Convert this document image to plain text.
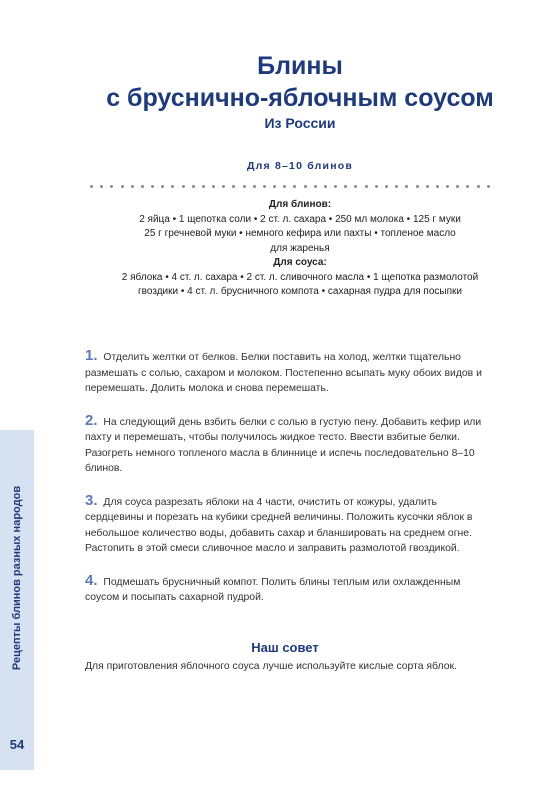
Блины
с бруснично-яблочным соусом
Из России
Для 8–10 блинов
Для блинов:
2 яйца • 1 щепотка соли • 2 ст. л. сахара • 250 мл молока • 125 г муки
25 г гречневой муки • немного кефира или пахты • топленое масло
для жаренья
Для соуса:
2 яблока • 4 ст. л. сахара • 2 ст. л. сливочного масла • 1 щепотка размолотой
гвоздики • 4 ст. л. брусничного компота • сахарная пудра для посыпки
1. Отделить желтки от белков. Белки поставить на холод, желтки тщательно размешать с солью, сахаром и молоком. Постепенно всыпать муку обоих видов и перемешать. Долить молока и снова перемешать.
2. На следующий день взбить белки с солью в густую пену. Добавить кефир или пахту и перемешать, чтобы получилось жидкое тесто. Ввести взбитые белки. Разогреть немного топленого масла в блиннице и испечь последовательно 8–10 блинов.
3. Для соуса разрезать яблоки на 4 части, очистить от кожуры, удалить сердцевины и порезать на кубики средней величины. Положить кусочки яблок в небольшое количество воды, добавить сахар и бланшировать на среднем огне. Растопить в этой смеси сливочное масло и заправить размолотой гвоздикой.
4. Подмешать брусничный компот. Полить блины теплым или охлажденным соусом и посыпать сахарной пудрой.
Наш совет
Для приготовления яблочного соуса лучше используйте кислые сорта яблок.
Рецепты блинов разных народов
54
